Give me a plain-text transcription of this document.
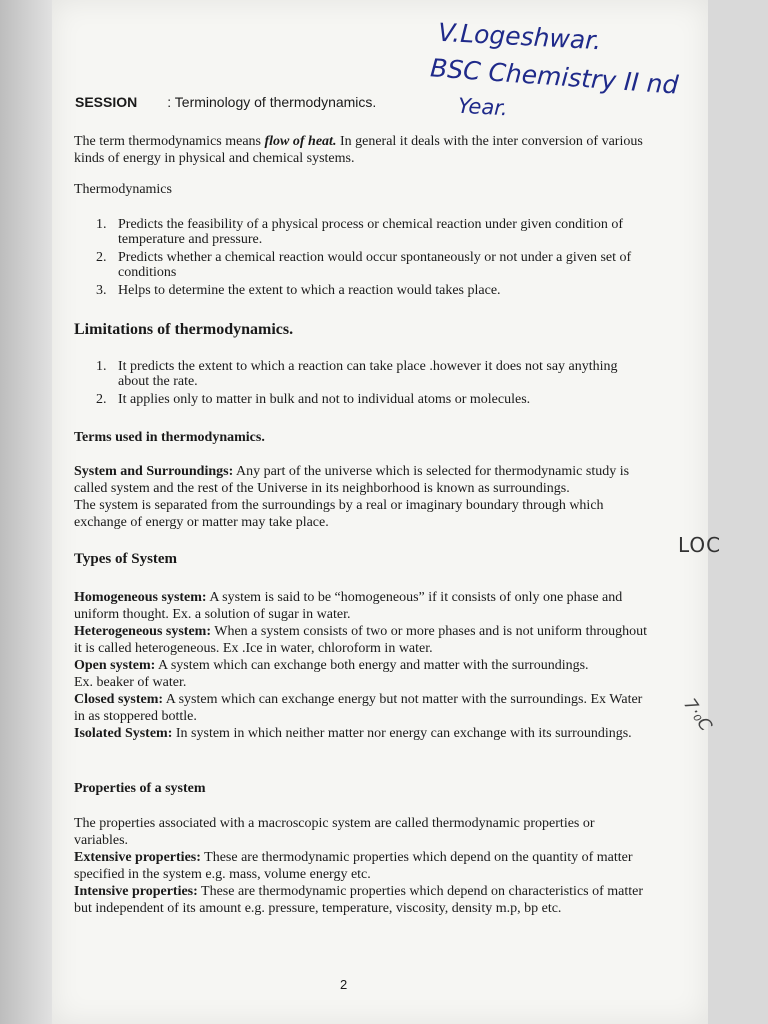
V.Logeshwar.
BSC Chemistry II nd
Year.
LOC
7·₀C
SESSION : Terminology of thermodynamics.
The term thermodynamics means flow of heat. In general it deals with the inter conversion of various kinds of energy in physical and chemical systems.
Thermodynamics
1. Predicts the feasibility of a physical process or chemical reaction under given condition of temperature and pressure.
2. Predicts whether a chemical reaction would occur spontaneously or not under a given set of conditions
3. Helps to determine the extent to which a reaction would takes place.
Limitations of thermodynamics.
1. It predicts the extent to which a reaction can take place .however it does not say anything about the rate.
2. It applies only to matter in bulk and not to individual atoms or molecules.
Terms used in thermodynamics.
System and Surroundings: Any part of the universe which is selected for thermodynamic study is called system and the rest of the Universe in its neighborhood is known as surroundings.
The system is separated from the surroundings by a real or imaginary boundary through which exchange of energy or matter may take place.
Types of System

Homogeneous system: A system is said to be “homogeneous” if it consists of only one phase and uniform thought. Ex. a solution of sugar in water.

Heterogeneous system: When a system consists of two or more phases and is not uniform throughout it is called heterogeneous. Ex .Ice in water, chloroform in water.

Open system: A system which can exchange both energy and matter with the surroundings.

Ex. beaker of water.

Closed system: A system which can exchange energy but not matter with the surroundings. Ex Water in as stoppered bottle.

Isolated System: In system in which neither matter nor energy can exchange with its surroundings.

Properties of a system

The properties associated with a macroscopic system are called thermodynamic properties or variables.

Extensive properties: These are thermodynamic properties which depend on the quantity of matter specified in the system e.g. mass, volume energy etc.

Intensive properties: These are thermodynamic properties which depend on characteristics of matter but independent of its amount e.g. pressure, temperature, viscosity, density m.p, bp etc.

2
